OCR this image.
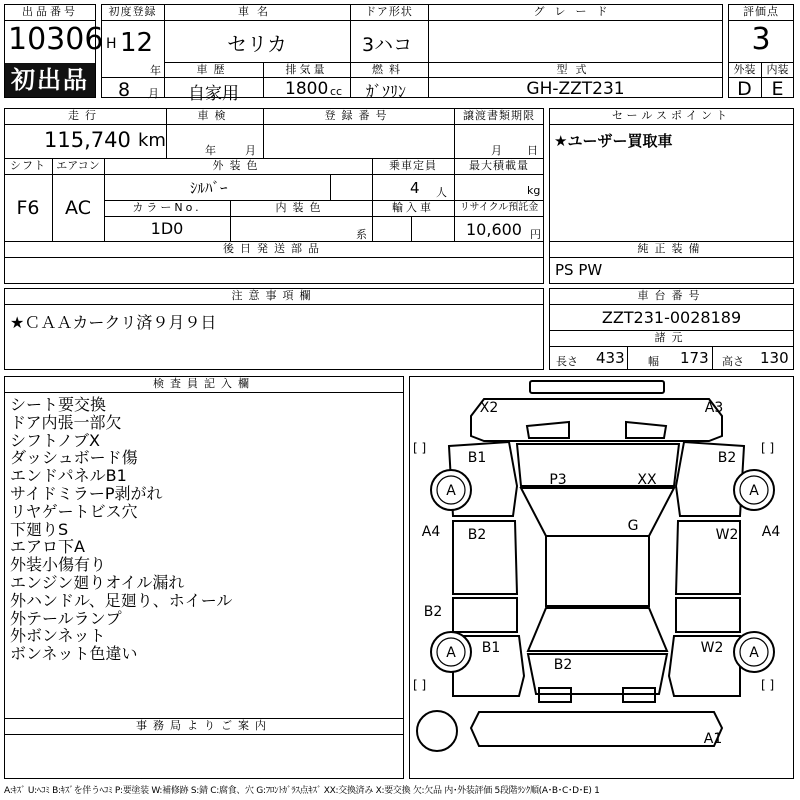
出品番号
10306
初出品
初度登録
H 12
年
8 月
車名
セリカ
ドア形状
3ハコ
グレード
車歴
自家用
排気量
1800 cc
燃料
ｶﾞｿﾘﾝ
型式
GH-ZZT231
評価点
3
外装	内装
D	E
走行
115,740 km
車検
年	月
登録番号	譲渡書類期限
月 日
シフト エアコン
F6	AC
外装色
ｼﾙﾊﾞｰ
乗車定員
4 人
最大積載量
kg
カラーNo.
1D0
内装色
系
輸入車	リサイクル預託金
10,600 円
後日発送部品
セールスポイント
★ユーザー買取車
純正装備
PS PW
注意事項欄
★ＣＡＡカークリ済９月９日
車台番号
ZZT231-0028189
諸元
長さ 433 幅 173 高さ 130
検査員記入欄
シート要交換
ドア内張一部欠
シフトノブX
ダッシュボード傷
エンドパネルB1
サイドミラーP剥がれ
リヤゲートビス穴
下廻りS
エアロ下A
外装小傷有り
エンジン廻りオイル漏れ
外ハンドル、足廻り、ホイール
外テールランプ
外ボンネット
ボンネット色違い
事務局よりご案内
[ ]	[ ]
[ ]	[ ]
X2	A3
B1	B2
P3	XX
G
A4	A4
B2	W2
B2
B1	W2
B2
A1
A	A
A	A
A:ｷｽﾞ U:ﾍｺﾐ B:ｷｽﾞを伴うﾍｺﾐ P:要塗装 W:補修跡 S:錆 C:腐食、穴 G:ﾌﾛﾝﾄｶﾞﾗｽ点ｷｽﾞ XX:交換済み X:要交換 欠:欠品 内･外装評価 5段階ﾗﾝｸ順(A･B･C･D･E) 1
